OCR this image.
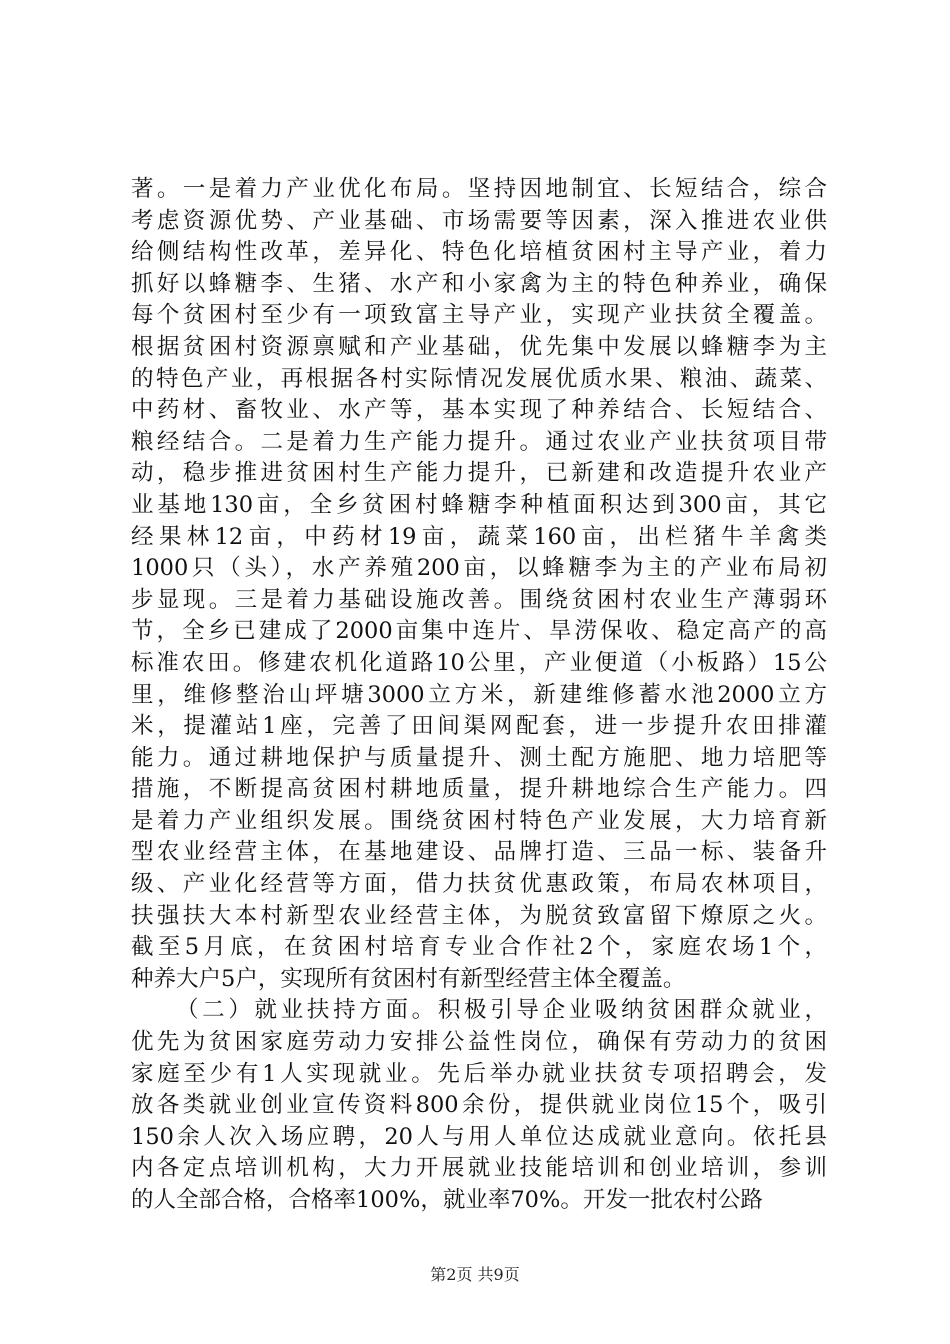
著。一是着力产业优化布局。坚持因地制宜、长短结合，综合
考虑资源优势、产业基础、市场需要等因素，深入推进农业供
给侧结构性改革，差异化、特色化培植贫困村主导产业，着力
抓好以蜂糖李、生猪、水产和小家禽为主的特色种养业，确保
每个贫困村至少有一项致富主导产业，实现产业扶贫全覆盖。
根据贫困村资源禀赋和产业基础，优先集中发展以蜂糖李为主
的特色产业，再根据各村实际情况发展优质水果、粮油、蔬菜、
中药材、畜牧业、水产等，基本实现了种养结合、长短结合、
粮经结合。二是着力生产能力提升。通过农业产业扶贫项目带
动，稳步推进贫困村生产能力提升，已新建和改造提升农业产
业基地130亩，全乡贫困村蜂糖李种植面积达到300亩，其它
经果林12亩，中药材19亩，蔬菜160亩，出栏猪牛羊禽类
1000只（头），水产养殖200亩，以蜂糖李为主的产业布局初
步显现。三是着力基础设施改善。围绕贫困村农业生产薄弱环
节，全乡已建成了2000亩集中连片、旱涝保收、稳定高产的高
标准农田。修建农机化道路10公里，产业便道（小板路）15公
里，维修整治山坪塘3000立方米，新建维修蓄水池2000立方
米，提灌站1座，完善了田间渠网配套，进一步提升农田排灌
能力。通过耕地保护与质量提升、测土配方施肥、地力培肥等
措施，不断提高贫困村耕地质量，提升耕地综合生产能力。四
是着力产业组织发展。围绕贫困村特色产业发展，大力培育新
型农业经营主体，在基地建设、品牌打造、三品一标、装备升
级、产业化经营等方面，借力扶贫优惠政策，布局农林项目，
扶强扶大本村新型农业经营主体，为脱贫致富留下燎原之火。
截至5月底，在贫困村培育专业合作社2个，家庭农场1个，
种养大户5户，实现所有贫困村有新型经营主体全覆盖。
（二）就业扶持方面。积极引导企业吸纳贫困群众就业，
优先为贫困家庭劳动力安排公益性岗位，确保有劳动力的贫困
家庭至少有1人实现就业。先后举办就业扶贫专项招聘会，发
放各类就业创业宣传资料800余份，提供就业岗位15个，吸引
150余人次入场应聘，20人与用人单位达成就业意向。依托县
内各定点培训机构，大力开展就业技能培训和创业培训，参训
的人全部合格，合格率100%，就业率70%。开发一批农村公路
第2页 共9页
